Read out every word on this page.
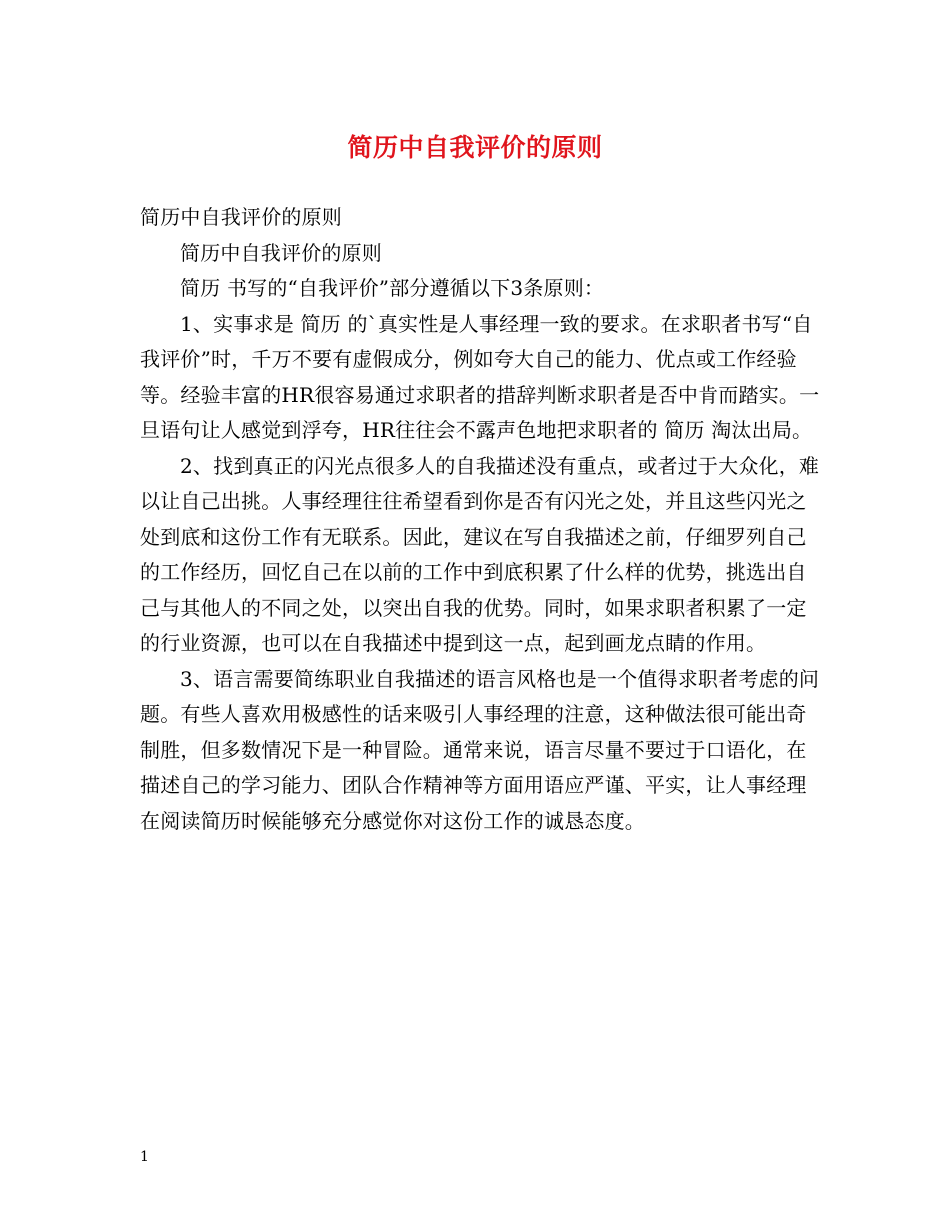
简历中自我评价的原则

简历中自我评价的原则

简历中自我评价的原则

简历 书写的“自我评价”部分遵循以下3条原则：

1、实事求是 简历 的`真实性是人事经理一致的要求。在求职者书写“自我评价”时，千万不要有虚假成分，例如夸大自己的能力、优点或工作经验等。经验丰富的HR很容易通过求职者的措辞判断求职者是否中肯而踏实。一旦语句让人感觉到浮夸，HR往往会不露声色地把求职者的 简历 淘汰出局。

2、找到真正的闪光点很多人的自我描述没有重点，或者过于大众化，难以让自己出挑。人事经理往往希望看到你是否有闪光之处，并且这些闪光之处到底和这份工作有无联系。因此，建议在写自我描述之前，仔细罗列自己的工作经历，回忆自己在以前的工作中到底积累了什么样的优势，挑选出自己与其他人的不同之处，以突出自我的优势。同时，如果求职者积累了一定的行业资源，也可以在自我描述中提到这一点，起到画龙点睛的作用。

3、语言需要简练职业自我描述的语言风格也是一个值得求职者考虑的问题。有些人喜欢用极感性的话来吸引人事经理的注意，这种做法很可能出奇制胜，但多数情况下是一种冒险。通常来说，语言尽量不要过于口语化，在描述自己的学习能力、团队合作精神等方面用语应严谨、平实，让人事经理在阅读简历时候能够充分感觉你对这份工作的诚恳态度。

1
